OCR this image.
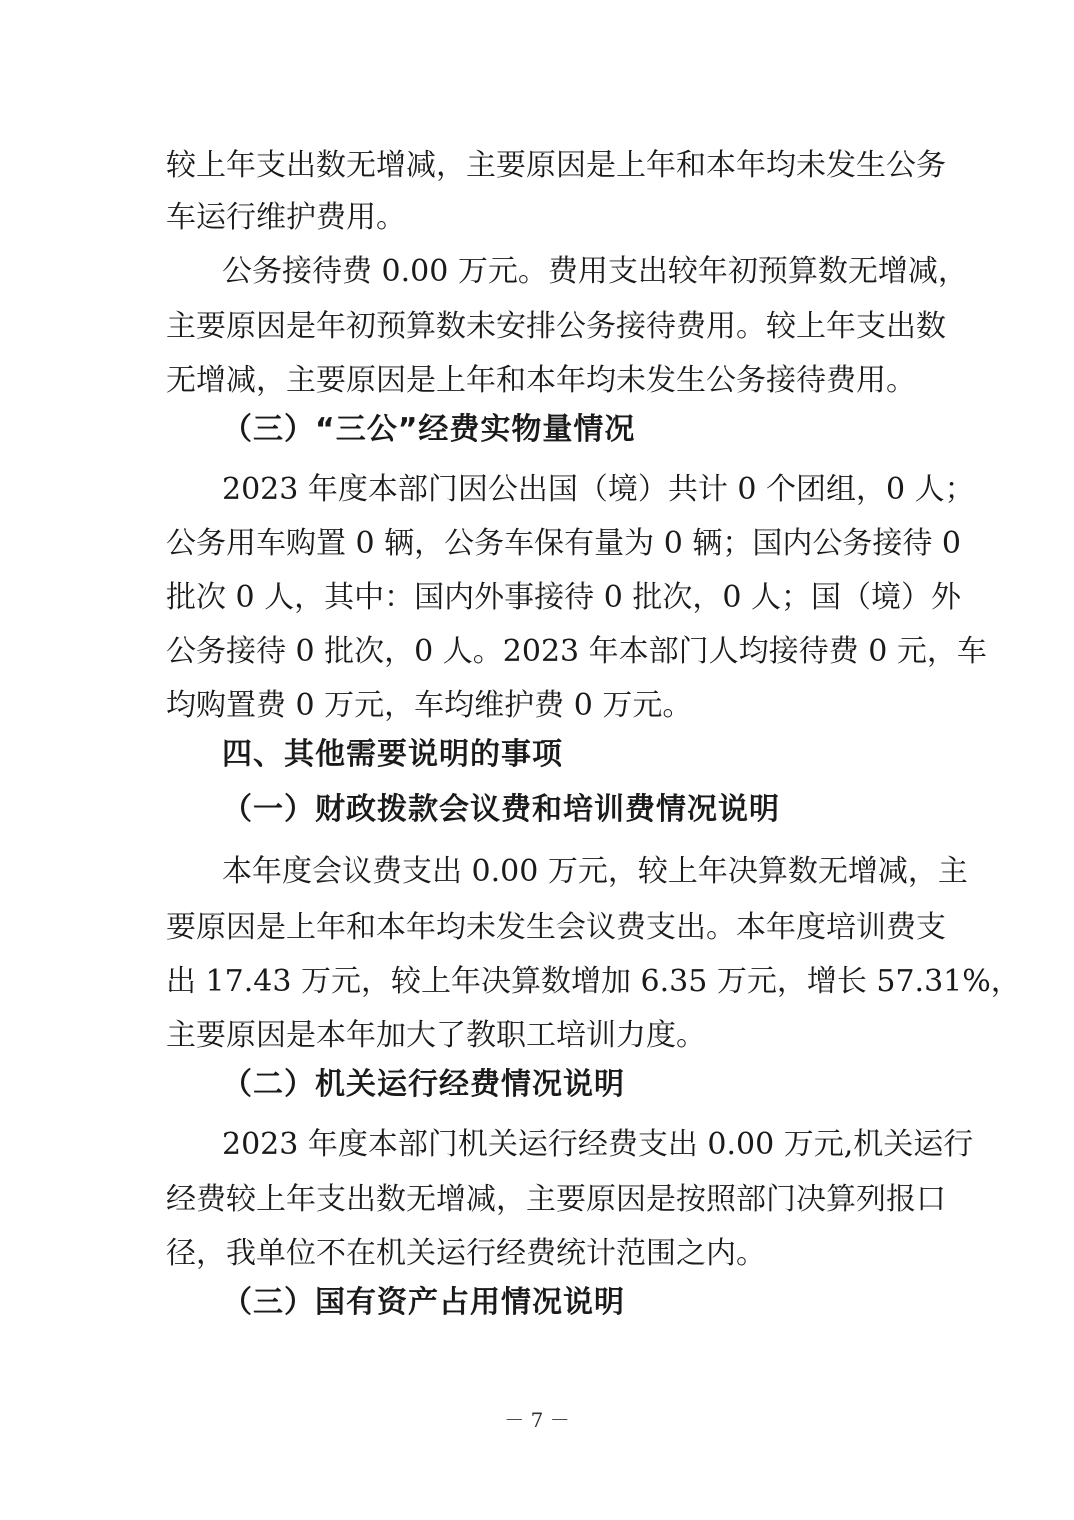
较上年支出数无增减，主要原因是上年和本年均未发生公务
车运行维护费用。
公务接待费 0.00 万元。费用支出较年初预算数无增减，
主要原因是年初预算数未安排公务接待费用。较上年支出数
无增减，主要原因是上年和本年均未发生公务接待费用。
（三）“三公”经费实物量情况
2023 年度本部门因公出国（境）共计 0 个团组，0 人；
公务用车购置 0 辆，公务车保有量为 0 辆；国内公务接待 0
批次 0 人，其中：国内外事接待 0 批次，0 人；国（境）外
公务接待 0 批次，0 人。2023 年本部门人均接待费 0 元，车
均购置费 0 万元，车均维护费 0 万元。
四、其他需要说明的事项
（一）财政拨款会议费和培训费情况说明
本年度会议费支出 0.00 万元，较上年决算数无增减，主
要原因是上年和本年均未发生会议费支出。本年度培训费支
出 17.43 万元，较上年决算数增加 6.35 万元，增长 57.31%，
主要原因是本年加大了教职工培训力度。
（二）机关运行经费情况说明
2023 年度本部门机关运行经费支出 0.00 万元,机关运行
经费较上年支出数无增减，主要原因是按照部门决算列报口
径，我单位不在机关运行经费统计范围之内。
（三）国有资产占用情况说明
－ 7 －
